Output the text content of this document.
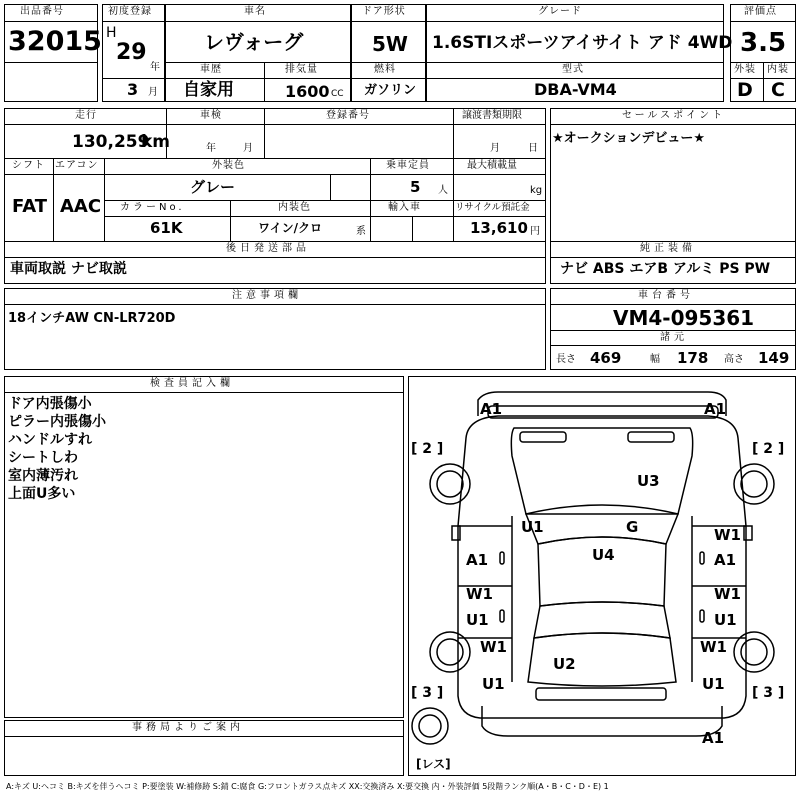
出品番号
32015
初度登録
H
29
年
3 月
車名
レヴォーグ
車歴
自家用
排気量
1600 CC
ドア形状
5W
燃料
ガソリン
グレード
1.6STIスポーツアイサイト アド 4WD
型式
DBA-VM4
評価点
3.5
外装 内装
D C
走行
130,259
km
車検
年	月
登録番号	譲渡書類期限
月	日
シフト
FAT
エアコン
AAC
外装色
グレー
乗車定員
5 人
最大積載量
kg
カラーNo.
61K
内装色
ワイン/クロ	系
輸入車	リサイクル預託金
13,610 円
後日発送部品
車両取説 ナビ取説
セールスポイント
★オークションデビュー★
純正装備
ナビ ABS エアB アルミ PS PW
注意事項欄
18インチAW CN-LR720D
車台番号
VM4-095361
諸元
長さ 469	幅 178 高さ 149
検査員記入欄
ドア内張傷小
ピラー内張傷小
ハンドルすれ
シートしわ
室内薄汚れ
上面U多い
事務局よりご案内
[ 2 ]	[ 2 ]
[ 3 ]	[ 3 ]
[レス]
A1	A1
U3
U1	G
U4
U2
A1
W1
U1
W1
U1
W1
A1
W1
U1
W1
U1
A1
A:キズ U:ヘコミ B:キズを伴うヘコミ P:要塗装 W:補修跡 S:錆 C:腐食 G:フロントガラス点キズ XX:交換済み X:要交換 内・外装評価 5段階ランク順(A・B・C・D・E) 1
